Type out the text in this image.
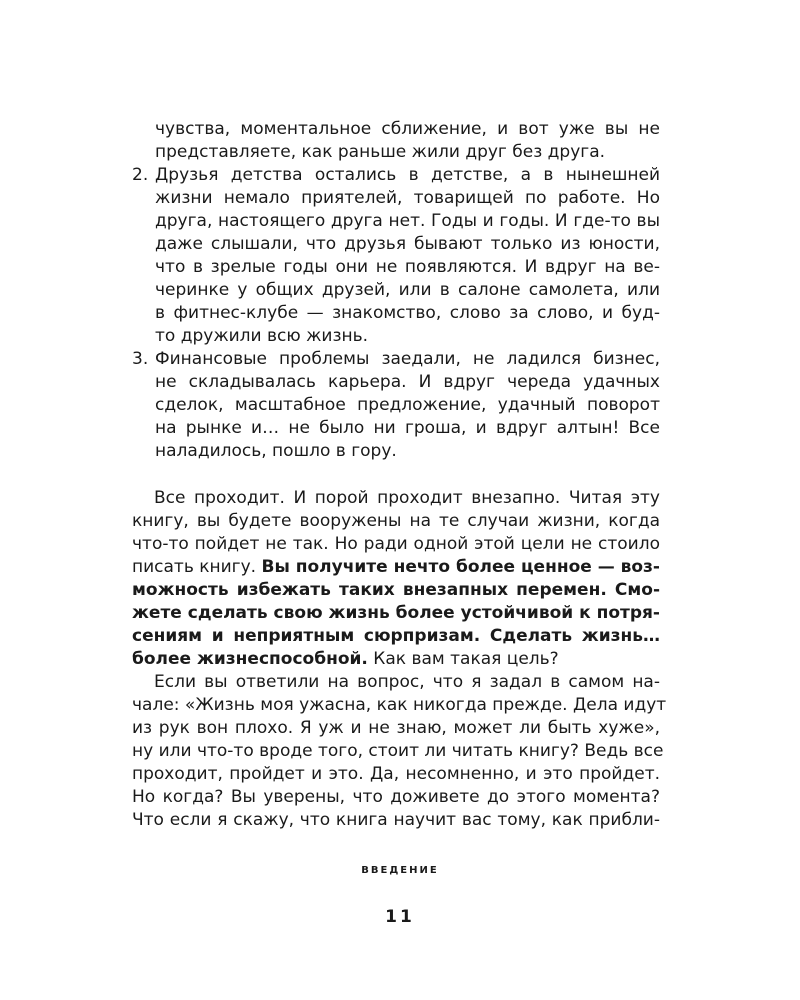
чувства, моментальное сближение, и вот уже вы не
представляете, как раньше жили друг без друга.
2. Друзья детства остались в детстве, а в нынешней
жизни немало приятелей, товарищей по работе. Но
друга, настоящего друга нет. Годы и годы. И где-то вы
даже слышали, что друзья бывают только из юности,
что в зрелые годы они не появляются. И вдруг на ве-
черинке у общих друзей, или в салоне самолета, или
в фитнес-клубе — знакомство, слово за слово, и буд-
то дружили всю жизнь.
3. Финансовые проблемы заедали, не ладился бизнес,
не складывалась карьера. И вдруг череда удачных
сделок, масштабное предложение, удачный поворот
на рынке и… не было ни гроша, и вдруг алтын! Все
наладилось, пошло в гору.
Все проходит. И порой проходит внезапно. Читая эту
книгу, вы будете вооружены на те случаи жизни, когда
что-то пойдет не так. Но ради одной этой цели не стоило
писать книгу. Вы получите нечто более ценное — воз-
можность избежать таких внезапных перемен. Смо-
жете сделать свою жизнь более устойчивой к потря-
сениям и неприятным сюрпризам. Сделать жизнь…
более жизнеспособной. Как вам такая цель?
Если вы ответили на вопрос, что я задал в самом на-
чале: «Жизнь моя ужасна, как никогда прежде. Дела идут
из рук вон плохо. Я уж и не знаю, может ли быть хуже»,
ну или что-то вроде того, стоит ли читать книгу? Ведь все
проходит, пройдет и это. Да, несомненно, и это пройдет.
Но когда? Вы уверены, что доживете до этого момента?
Что если я скажу, что книга научит вас тому, как прибли-
ВВЕДЕНИЕ
11
